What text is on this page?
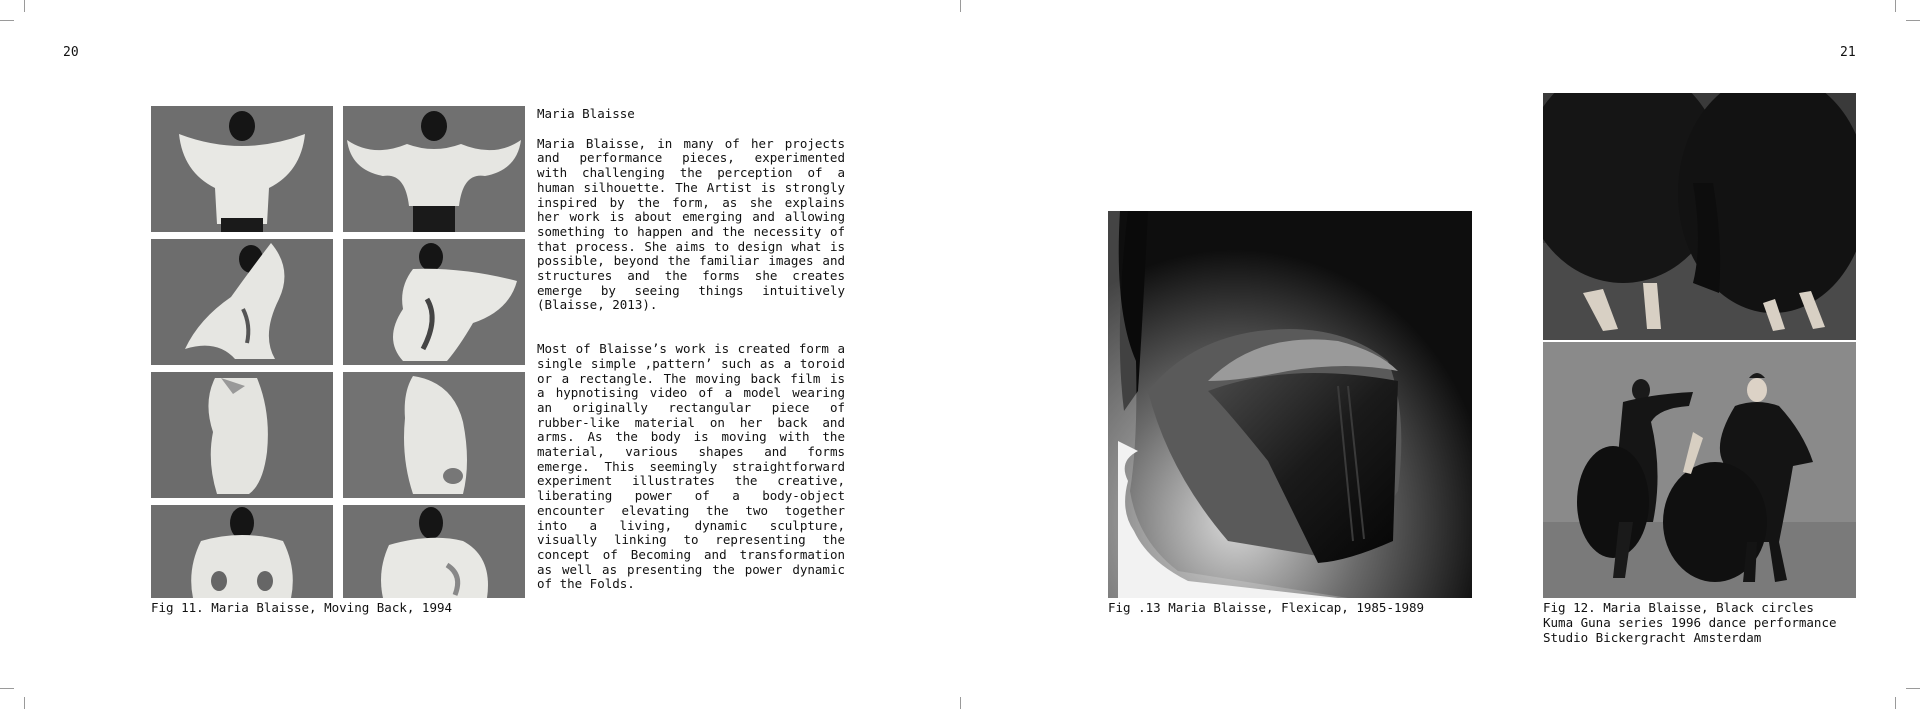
20	21
Fig 11. Maria Blaisse, Moving Back, 1994

Maria Blaisse

Maria Blaisse, in many of her projects and performance pieces, experimented with challenging the perception of a human silhouette. The Artist is strongly inspired by the form, as she explains her work is about emerging and allowing something to happen and the necessity of that process. She aims to design what is possible, beyond the familiar images and structures and the forms she creates emerge by seeing things intuitively (Blaisse, 2013).

Most of Blaisse’s work is created form a single simple ‚pattern’ such as a toroid or a rectangle. The moving back film is a hypnotising video of a model wearing an originally rectangular piece of rubber-like material on her back and arms. As the body is moving with the material, various shapes and forms emerge. This seemingly straightforward experiment illustrates the creative, liberating power of a body-object encounter elevating the two together into a living, dynamic sculpture, visually linking to representing the concept of Becoming and transformation as well as presenting the power dynamic of the Folds.

Fig .13 Maria Blaisse, Flexicap, 1985-1989	Fig 12. Maria Blaisse, Black circles Kuma Guna series 1996 dance performance Studio Bickergracht Amsterdam
